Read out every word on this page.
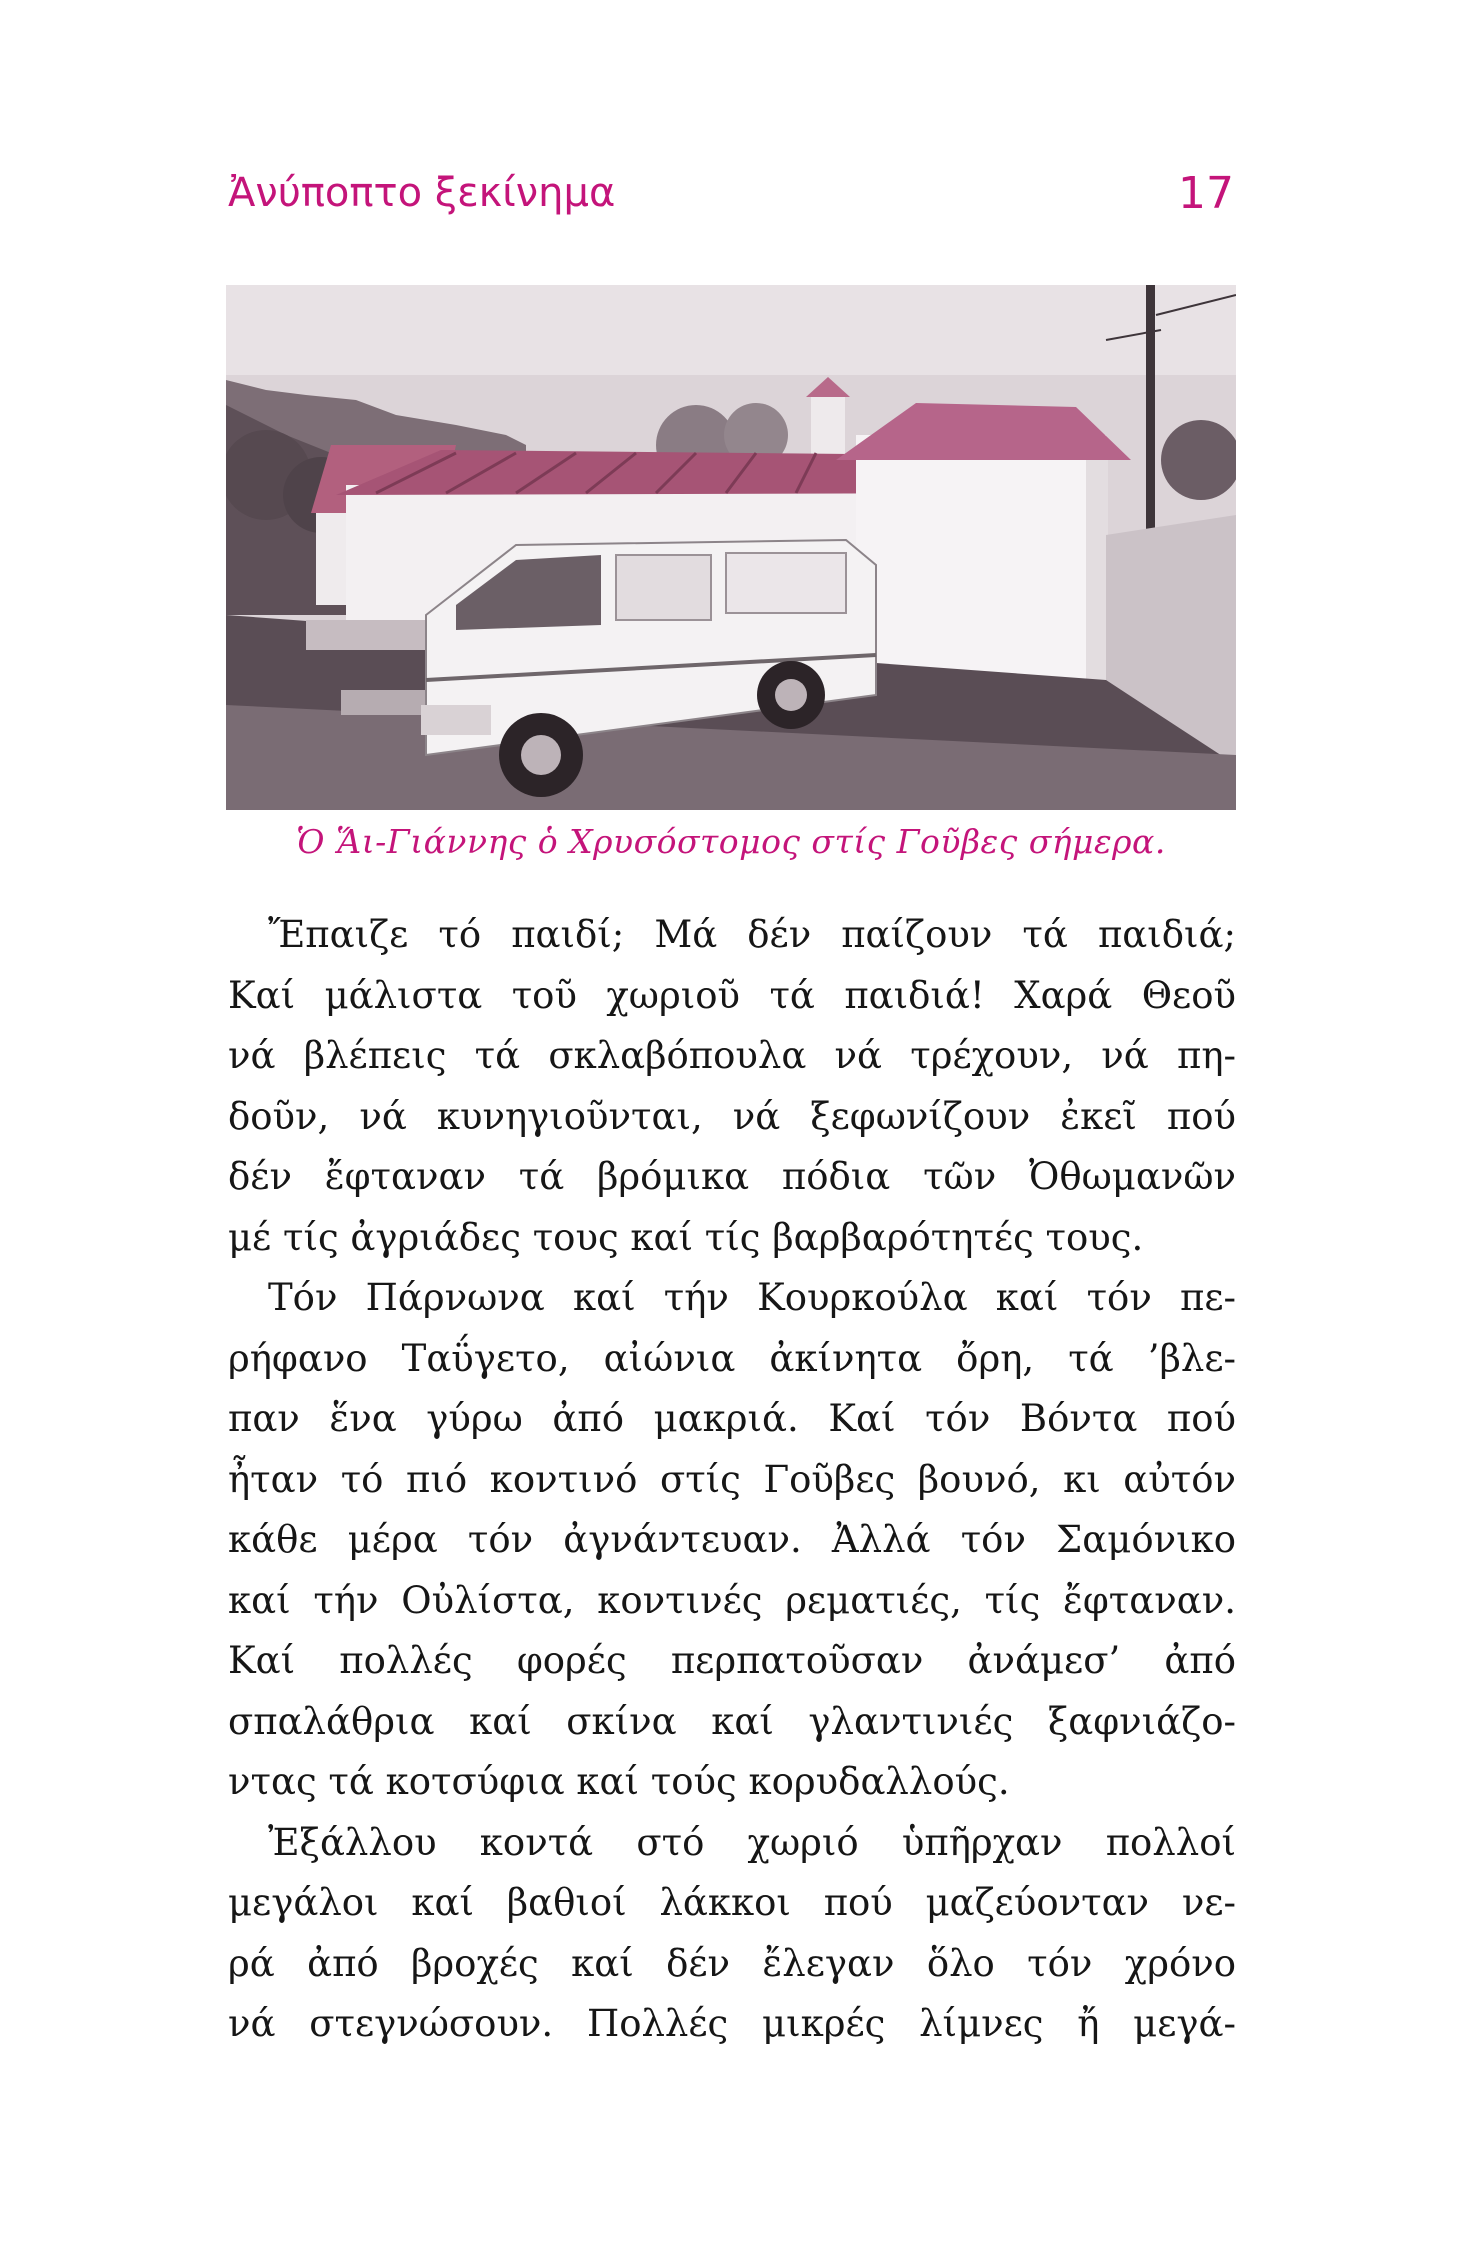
Ἀνύποπτο ξεκίνημα	17
Ὁ Ἅι-Γιάννης ὁ Χρυσόστομος στίς Γοῦβες σήμερα.
Ἔπαιζε τό παιδί; Μά δέν παίζουν τά παιδιά;
Καί μάλιστα τοῦ χωριοῦ τά παιδιά! Χαρά Θεοῦ
νά βλέπεις τά σκλαβόπουλα νά τρέχουν, νά πη-
δοῦν, νά κυνηγιοῦνται, νά ξεφωνίζουν ἐκεῖ πού
δέν ἔφταναν τά βρόμικα πόδια τῶν Ὀθωμανῶν
μέ τίς ἀγριάδες τους καί τίς βαρβαρότητές τους.
Τόν Πάρνωνα καί τήν Κουρκούλα καί τόν πε-
ρήφανο Ταΰγετο, αἰώνια ἀκίνητα ὄρη, τά ’βλε-
παν ἕνα γύρω ἀπό μακριά. Καί τόν Βόντα πού
ἦταν τό πιό κοντινό στίς Γοῦβες βουνό, κι αὐτόν
κάθε μέρα τόν ἀγνάντευαν. Ἀλλά τόν Σαμόνικο
καί τήν Οὐλίστα, κοντινές ρεματιές, τίς ἔφταναν.
Καί πολλές φορές περπατοῦσαν ἀνάμεσ’ ἀπό
σπαλάθρια καί σκίνα καί γλαντινιές ξαφνιάζο-
ντας τά κοτσύφια καί τούς κορυδαλλούς.
Ἐξάλλου κοντά στό χωριό ὑπῆρχαν πολλοί
μεγάλοι καί βαθιοί λάκκοι πού μαζεύονταν νε-
ρά ἀπό βροχές καί δέν ἔλεγαν ὅλο τόν χρόνο
νά στεγνώσουν. Πολλές μικρές λίμνες ἤ μεγά-
